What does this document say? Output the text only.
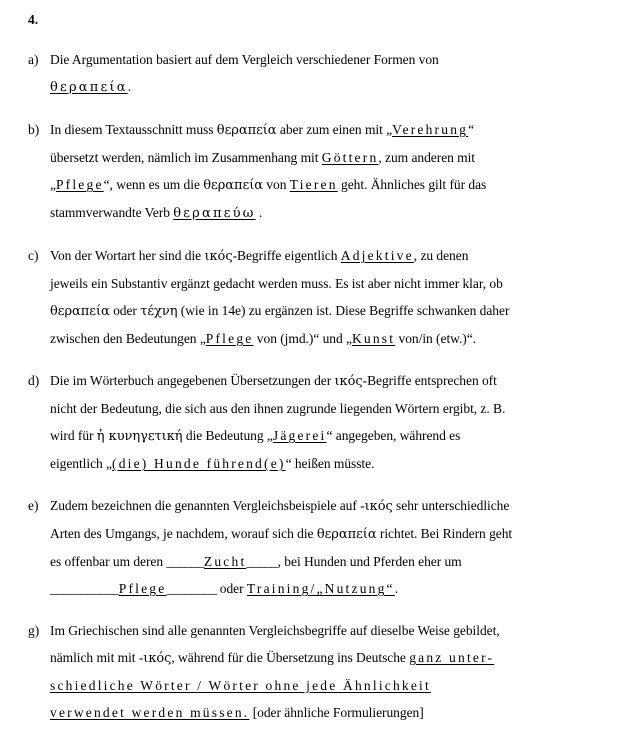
4.
a) Die Argumentation basiert auf dem Vergleich verschiedener Formen von
θεραπεία.
b) In diesem Textausschnitt muss θεραπεία aber zum einen mit „Verehrung“
übersetzt werden, nämlich im Zusammenhang mit Göttern, zum anderen mit
„Pflege“, wenn es um die θεραπεία von Tieren geht. Ähnliches gilt für das
stammverwandte Verb θεραπεύω .
c) Von der Wortart her sind die ικός-Begriffe eigentlich Adjektive, zu denen
jeweils ein Substantiv ergänzt gedacht werden muss. Es ist aber nicht immer klar, ob
θεραπεία oder τέχνη (wie in 14e) zu ergänzen ist. Diese Begriffe schwanken daher
zwischen den Bedeutungen „Pflege von (jmd.)“ und „Kunst von/in (etw.)“.
d) Die im Wörterbuch angegebenen Übersetzungen der ικός-Begriffe entsprechen oft
nicht der Bedeutung, die sich aus den ihnen zugrunde liegenden Wörtern ergibt, z. B.
wird für ἡ κυνηγετική die Bedeutung „Jägerei“ angegeben, während es
eigentlich „(die) Hunde führend(e)“ heißen müsste.
e) Zudem bezeichnen die genannten Vergleichsbeispiele auf -ικός sehr unterschiedliche
Arten des Umgangs, je nachdem, worauf sich die θεραπεία richtet. Bei Rindern geht
es offenbar um deren ______Zucht_____, bei Hunden und Pferden eher um
___________Pflege________ oder Training/„Nutzung“.
g) Im Griechischen sind alle genannten Vergleichsbegriffe auf dieselbe Weise gebildet,
nämlich mit mit -ικός, während für die Übersetzung ins Deutsche ganz unter-
schiedliche Wörter / Wörter ohne jede Ähnlichkeit
verwendet werden müssen. [oder ähnliche Formulierungen]
